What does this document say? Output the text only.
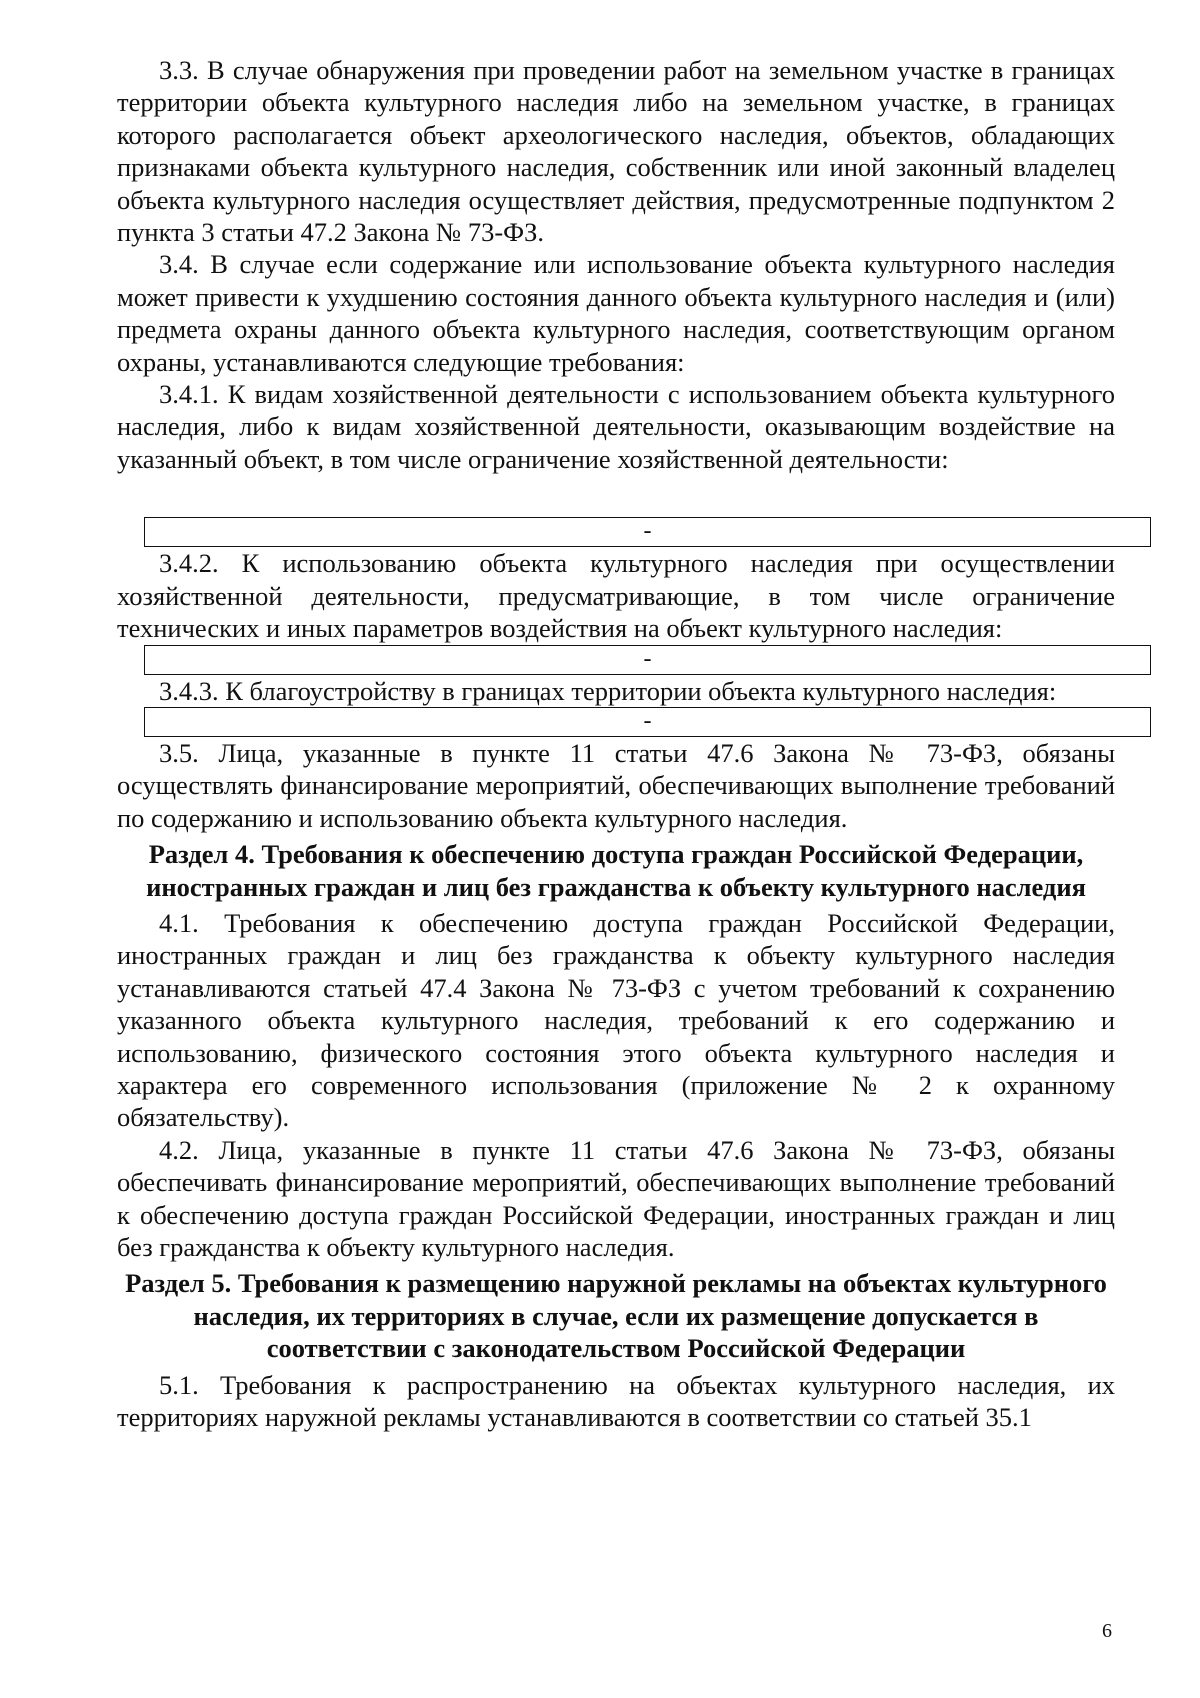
3.3. В случае обнаружения при проведении работ на земельном участке в границах территории объекта культурного наследия либо на земельном участке, в границах которого располагается объект археологического наследия, объектов, обладающих признаками объекта культурного наследия, собственник или иной законный владелец объекта культурного наследия осуществляет действия, предусмотренные подпунктом 2 пункта 3 статьи 47.2 Закона № 73-ФЗ.

3.4. В случае если содержание или использование объекта культурного наследия может привести к ухудшению состояния данного объекта культурного наследия и (или) предмета охраны данного объекта культурного наследия, соответствующим органом охраны, устанавливаются следующие требования:

3.4.1. К видам хозяйственной деятельности с использованием объекта культурного наследия, либо к видам хозяйственной деятельности, оказывающим воздействие на указанный объект, в том числе ограничение хозяйственной деятельности:

-

3.4.2. К использованию объекта культурного наследия при осуществлении хозяйственной деятельности, предусматривающие, в том числе ограничение технических и иных параметров воздействия на объект культурного наследия:

-

3.4.3. К благоустройству в границах территории объекта культурного наследия:

-

3.5. Лица, указанные в пункте 11 статьи 47.6 Закона № 73-ФЗ, обязаны осуществлять финансирование мероприятий, обеспечивающих выполнение требований по содержанию и использованию объекта культурного наследия.

Раздел 4. Требования к обеспечению доступа граждан Российской Федерации, иностранных граждан и лиц без гражданства к объекту культурного наследия

4.1. Требования к обеспечению доступа граждан Российской Федерации, иностранных граждан и лиц без гражданства к объекту культурного наследия устанавливаются статьей 47.4 Закона № 73-ФЗ с учетом требований к сохранению указанного объекта культурного наследия, требований к его содержанию и использованию, физического состояния этого объекта культурного наследия и характера его современного использования (приложение № 2 к охранному обязательству).

4.2. Лица, указанные в пункте 11 статьи 47.6 Закона № 73-ФЗ, обязаны обеспечивать финансирование мероприятий, обеспечивающих выполнение требований к обеспечению доступа граждан Российской Федерации, иностранных граждан и лиц без гражданства к объекту культурного наследия.

Раздел 5. Требования к размещению наружной рекламы на объектах культурного наследия, их территориях в случае, если их размещение допускается в соответствии с законодательством Российской Федерации

5.1. Требования к распространению на объектах культурного наследия, их территориях наружной рекламы устанавливаются в соответствии со статьей 35.1

6
